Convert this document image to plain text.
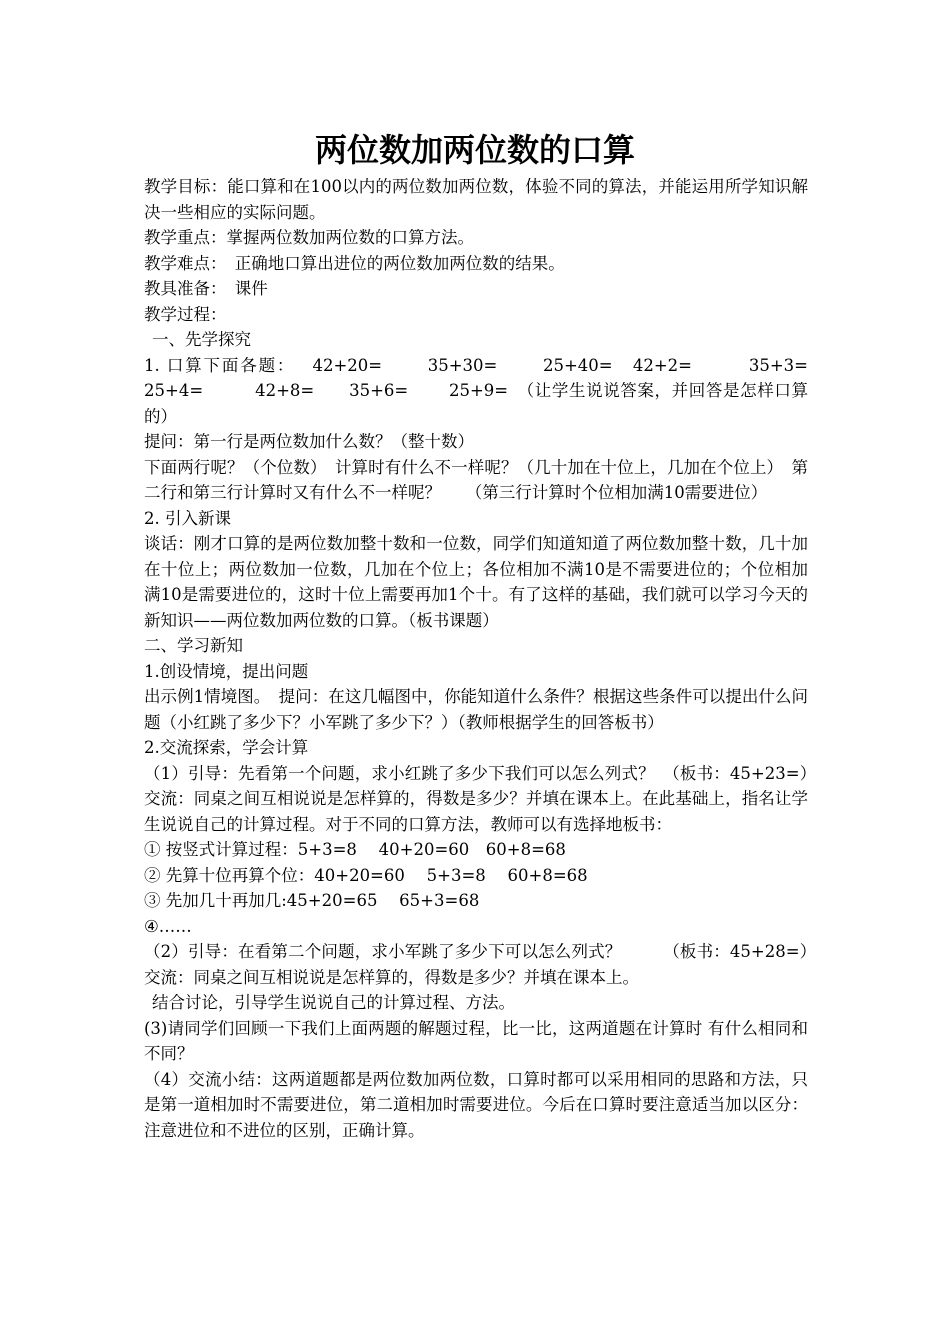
两位数加两位数的口算

教学目标：能口算和在100以内的两位数加两位数，体验不同的算法，并能运用所学知识解决一些相应的实际问题。

教学重点：掌握两位数加两位数的口算方法。

教学难点：　正确地口算出进位的两位数加两位数的结果。

教具准备：　课件

教学过程：

一、先学探究

1. 口算下面各题：　 42+20=　　 35+30=　　 25+40=　42+2=　　　35+3=　25+4=　　　42+8=　　35+6=　　 25+9=　（让学生说说答案，并回答是怎样口算的）

提问：第一行是两位数加什么数？（整十数）

下面两行呢？（个位数）　计算时有什么不一样呢？（几十加在十位上，几加在个位上）　第二行和第三行计算时又有什么不一样呢？　　（第三行计算时个位相加满10需要进位）

2. 引入新课

谈话：刚才口算的是两位数加整十数和一位数，同学们知道知道了两位数加整十数，几十加在十位上；两位数加一位数，几加在个位上；各位相加不满10是不需要进位的；个位相加满10是需要进位的，这时十位上需要再加1个十。有了这样的基础，我们就可以学习今天的新知识——两位数加两位数的口算。（板书课题）

二、学习新知

1.创设情境，提出问题

出示例1情境图。　提问：在这几幅图中，你能知道什么条件？根据这些条件可以提出什么问题（小红跳了多少下？小军跳了多少下？）（教师根据学生的回答板书）

2.交流探索，学会计算

（1）引导：先看第一个问题，求小红跳了多少下我们可以怎么列式？　（板书：45+23=）　交流：同桌之间互相说说是怎样算的，得数是多少？并填在课本上。在此基础上，指名让学生说说自己的计算过程。对于不同的口算方法，教师可以有选择地板书：

① 按竖式计算过程：5+3=8　 40+20=60　60+8=68

② 先算十位再算个位：40+20=60　 5+3=8　 60+8=68

③ 先加几十再加几:45+20=65　 65+3=68

④……

（2）引导：在看第二个问题，求小军跳了多少下可以怎么列式？　　　（板书：45+28=）　交流：同桌之间互相说说是怎样算的，得数是多少？并填在课本上。

结合讨论，引导学生说说自己的计算过程、方法。

(3)请同学们回顾一下我们上面两题的解题过程，比一比，这两道题在计算时 有什么相同和不同？

（4）交流小结：这两道题都是两位数加两位数，口算时都可以采用相同的思路和方法，只是第一道相加时不需要进位，第二道相加时需要进位。今后在口算时要注意适当加以区分：注意进位和不进位的区别，正确计算。
